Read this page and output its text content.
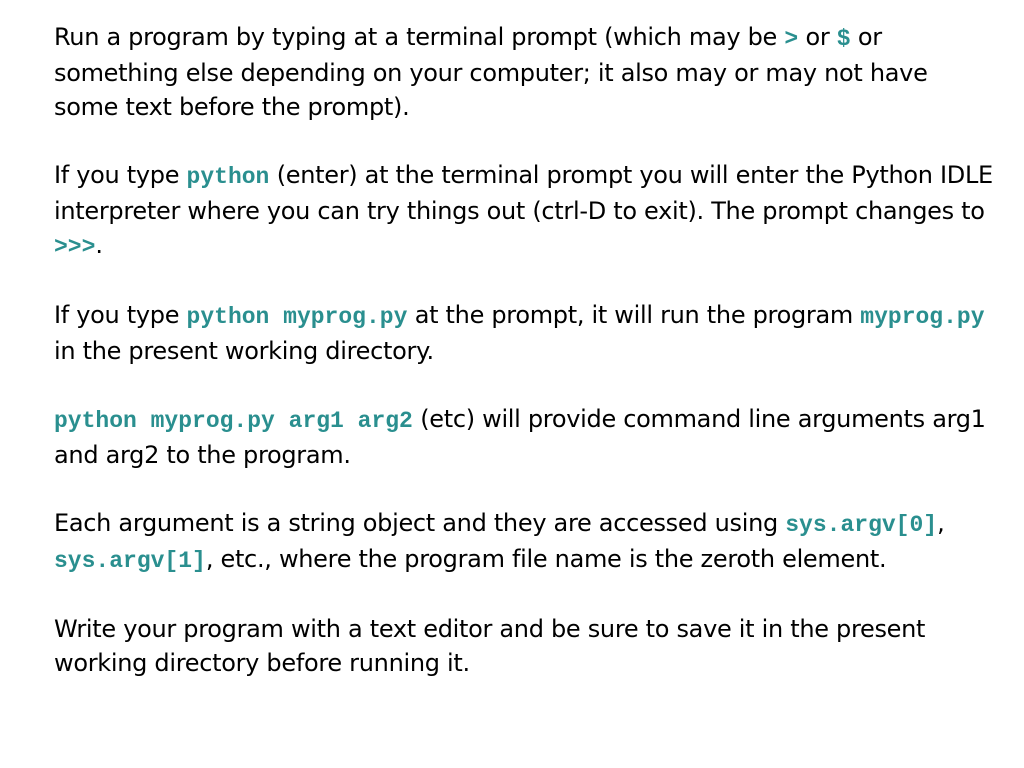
Run a program by typing at a terminal prompt (which may be > or $ or something else depending on your computer; it also may or may not have some text before the prompt).

If you type python (enter) at the terminal prompt you will enter the Python IDLE interpreter where you can try things out (ctrl-D to exit). The prompt changes to >>>.

If you type python myprog.py at the prompt, it will run the program myprog.py in the present working directory.

python myprog.py arg1 arg2 (etc) will provide command line arguments arg1 and arg2 to the program.

Each argument is a string object and they are accessed using sys.argv[0], sys.argv[1], etc., where the program file name is the zeroth element.

Write your program with a text editor and be sure to save it in the present working directory before running it.
